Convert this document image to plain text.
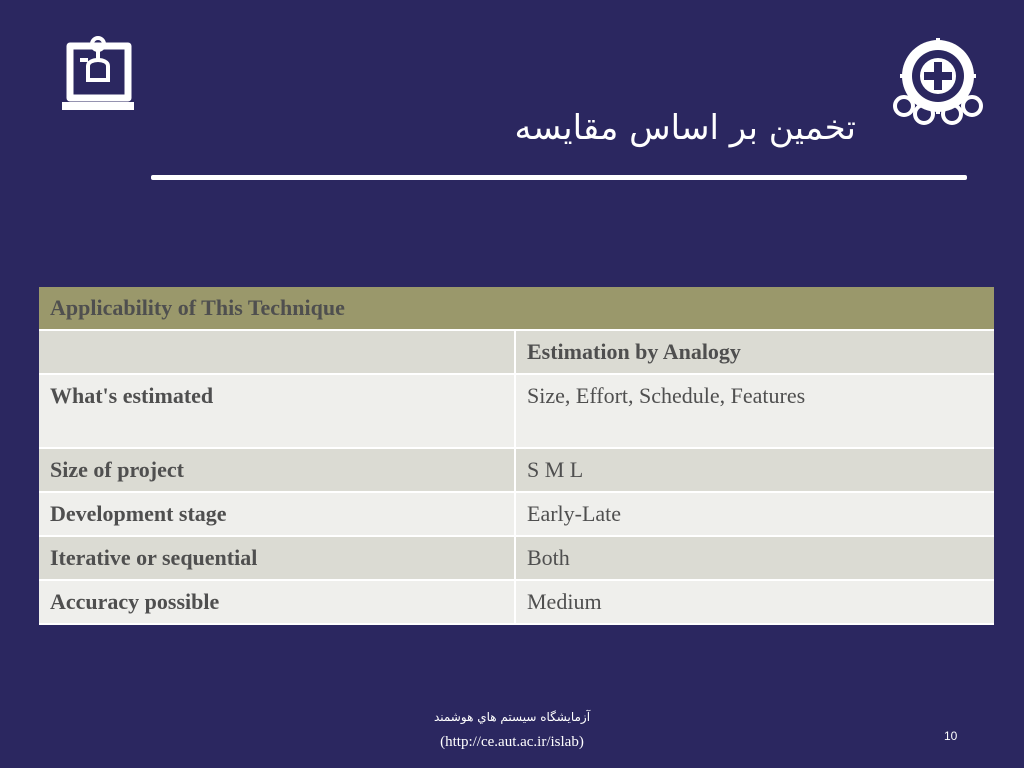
تخمین بر اساس مقایسه
Applicability of This Technique	
	Estimation by Analogy
What's estimated	Size, Effort, Schedule, Features
Size of project	S M L
Development stage	Early-Late
Iterative or sequential	Both
Accuracy possible	Medium
آزمایشگاه سیستم هاي هوشمند
(http://ce.aut.ac.ir/islab)	10
